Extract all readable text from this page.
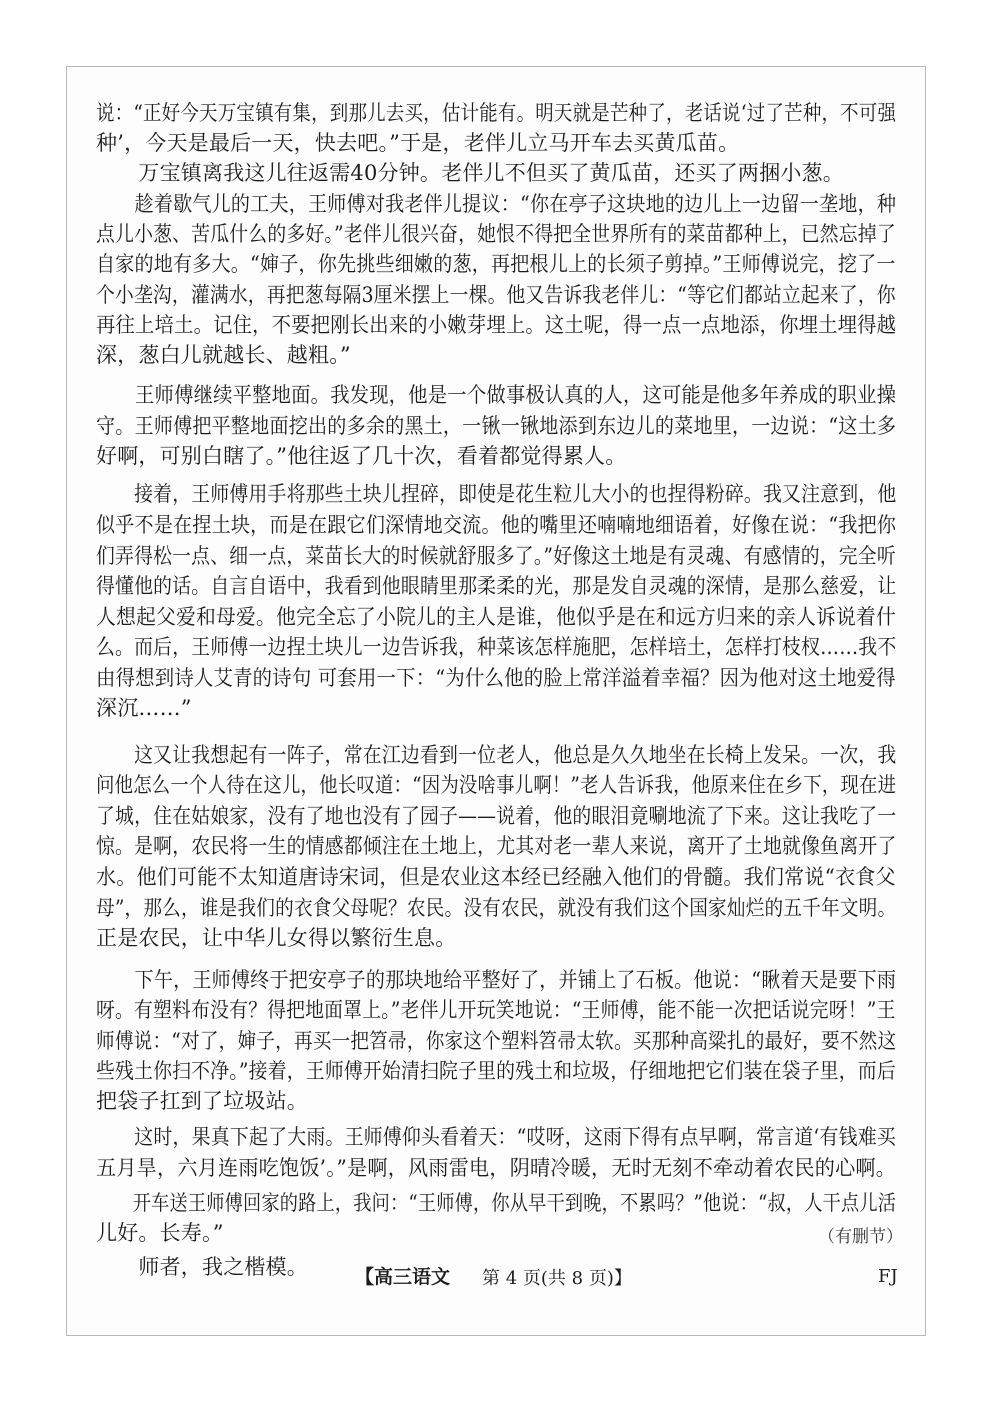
说：“正好今天万宝镇有集，到那儿去买，估计能有。明天就是芒种了，老话说‘过了芒种，不可强
种’，今天是最后一天，快去吧。”于是，老伴儿立马开车去买黄瓜苗。
　　万宝镇离我这儿往返需40分钟。老伴儿不但买了黄瓜苗，还买了两捆小葱。
　　趁着歇气儿的工夫，王师傅对我老伴儿提议：“你在亭子这块地的边儿上一边留一垄地，种
点儿小葱、苦瓜什么的多好。”老伴儿很兴奋，她恨不得把全世界所有的菜苗都种上，已然忘掉了
自家的地有多大。“婶子，你先挑些细嫩的葱，再把根儿上的长须子剪掉。”王师傅说完，挖了一
个小垄沟，灌满水，再把葱每隔3厘米摆上一棵。他又告诉我老伴儿：“等它们都站立起来了，你
再往上培土。记住，不要把刚长出来的小嫩芽埋上。这土呢，得一点一点地添，你埋土埋得越
深，葱白儿就越长、越粗。”
　　王师傅继续平整地面。我发现，他是一个做事极认真的人，这可能是他多年养成的职业操
守。王师傅把平整地面挖出的多余的黑土，一锹一锹地添到东边儿的菜地里，一边说：“这土多
好啊，可别白瞎了。”他往返了几十次，看着都觉得累人。
　　接着，王师傅用手将那些土块儿捏碎，即使是花生粒儿大小的也捏得粉碎。我又注意到，他
似乎不是在捏土块，而是在跟它们深情地交流。他的嘴里还喃喃地细语着，好像在说：“我把你
们弄得松一点、细一点，菜苗长大的时候就舒服多了。”好像这土地是有灵魂、有感情的，完全听
得懂他的话。自言自语中，我看到他眼睛里那柔柔的光，那是发自灵魂的深情，是那么慈爱，让
人想起父爱和母爱。他完全忘了小院儿的主人是谁，他似乎是在和远方归来的亲人诉说着什
么。而后，王师傅一边捏土块儿一边告诉我，种菜该怎样施肥，怎样培土，怎样打枝杈……我不
由得想到诗人艾青的诗句 可套用一下：“为什么他的脸上常洋溢着幸福？因为他对这土地爱得
深沉……”
　　这又让我想起有一阵子，常在江边看到一位老人，他总是久久地坐在长椅上发呆。一次，我
问他怎么一个人待在这儿，他长叹道：“因为没啥事儿啊！”老人告诉我，他原来住在乡下，现在进
了城，住在姑娘家，没有了地也没有了园子——说着，他的眼泪竟唰地流了下来。这让我吃了一
惊。是啊，农民将一生的情感都倾注在土地上，尤其对老一辈人来说，离开了土地就像鱼离开了
水。他们可能不太知道唐诗宋词，但是农业这本经已经融入他们的骨髓。我们常说“衣食父
母”，那么，谁是我们的衣食父母呢？农民。没有农民，就没有我们这个国家灿烂的五千年文明。
正是农民，让中华儿女得以繁衍生息。
　　下午，王师傅终于把安亭子的那块地给平整好了，并铺上了石板。他说：“瞅着天是要下雨
呀。有塑料布没有？得把地面罩上。”老伴儿开玩笑地说：“王师傅，能不能一次把话说完呀！”王
师傅说：“对了，婶子，再买一把笤帚，你家这个塑料笤帚太软。买那种高粱扎的最好，要不然这
些残土你扫不净。”接着，王师傅开始清扫院子里的残土和垃圾，仔细地把它们装在袋子里，而后
把袋子扛到了垃圾站。
　　这时，果真下起了大雨。王师傅仰头看着天：“哎呀，这雨下得有点早啊，常言道‘有钱难买
五月旱，六月连雨吃饱饭’。”是啊，风雨雷电，阴晴冷暖，无时无刻不牵动着农民的心啊。
　　开车送王师傅回家的路上，我问：“王师傅，你从早干到晚，不累吗？”他说：“叔，人干点儿活
儿好。长寿。”
　　师者，我之楷模。
（有删节）
【高三语文 第 4 页(共 8 页)】	FJ
